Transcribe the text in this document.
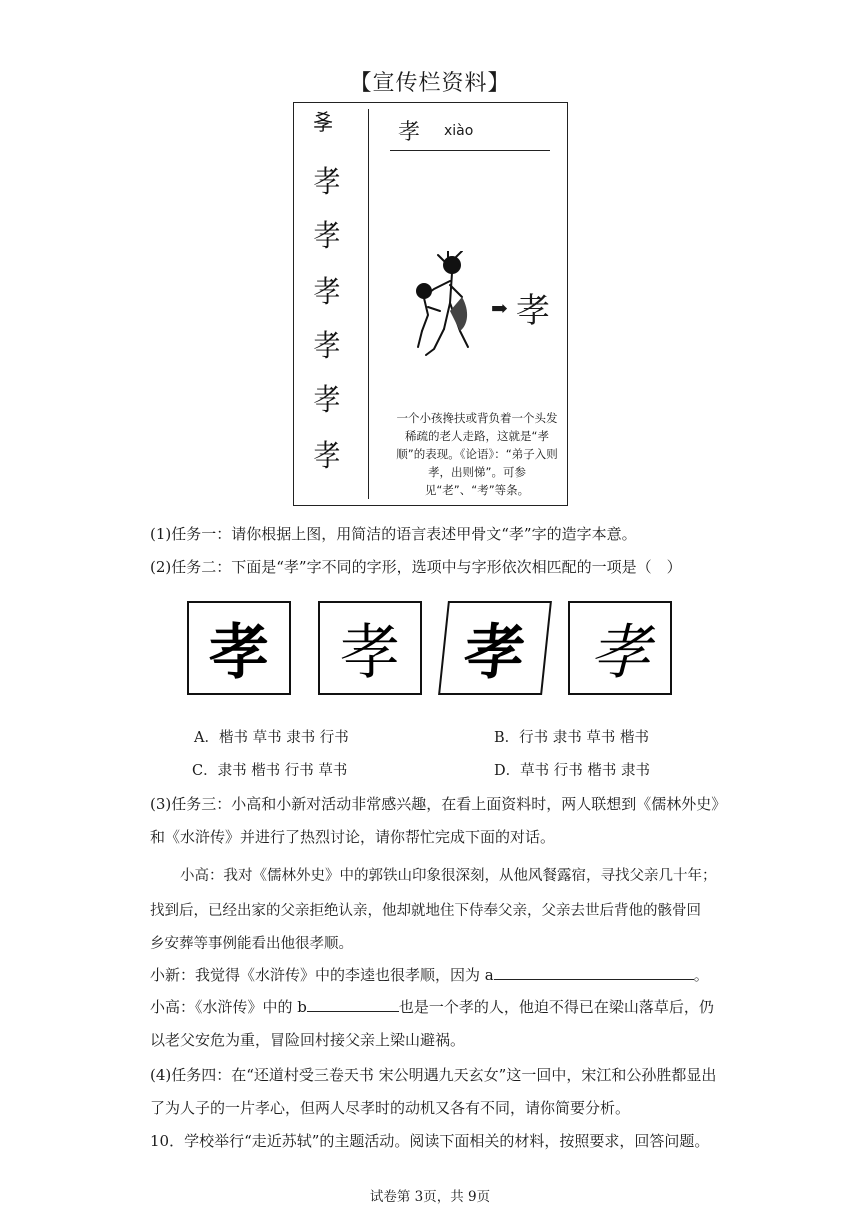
【宣传栏资料】
𡥈
孝
孝
孝
孝
孝
孝
孝 xiào
➡ 孝
一个小孩搀扶或背负着一个头发稀疏的老人走路，这就是“孝顺”的表现。《论语》：“弟子入则孝，出则悌”。可参见“老”、“考”等条。
(1)任务一：请你根据上图，用简洁的语言表述甲骨文“孝”字的造字本意。
(2)任务二：下面是“孝”字不同的字形，选项中与字形依次相匹配的一项是（　）
孝	孝	孝	孝
A．楷书 草书 隶书 行书	B．行书 隶书 草书 楷书
C．隶书 楷书 行书 草书	D．草书 行书 楷书 隶书
(3)任务三：小高和小新对活动非常感兴趣，在看上面资料时，两人联想到《儒林外史》
和《水浒传》并进行了热烈讨论，请你帮忙完成下面的对话。
小高：我对《儒林外史》中的郭铁山印象很深刻，从他风餐露宿，寻找父亲几十年；
找到后，已经出家的父亲拒绝认亲，他却就地住下侍奉父亲，父亲去世后背他的骸骨回
乡安葬等事例能看出他很孝顺。
小新：我觉得《水浒传》中的李逵也很孝顺，因为 a	。
小高：《水浒传》中的 b	也是一个孝的人，他迫不得已在梁山落草后，仍
以老父安危为重，冒险回村接父亲上梁山避祸。
(4)任务四：在“还道村受三卷天书 宋公明遇九天玄女”这一回中，宋江和公孙胜都显出
了为人子的一片孝心，但两人尽孝时的动机又各有不同，请你简要分析。
10．学校举行“走近苏轼”的主题活动。阅读下面相关的材料，按照要求，回答问题。
试卷第 3页，共 9页
